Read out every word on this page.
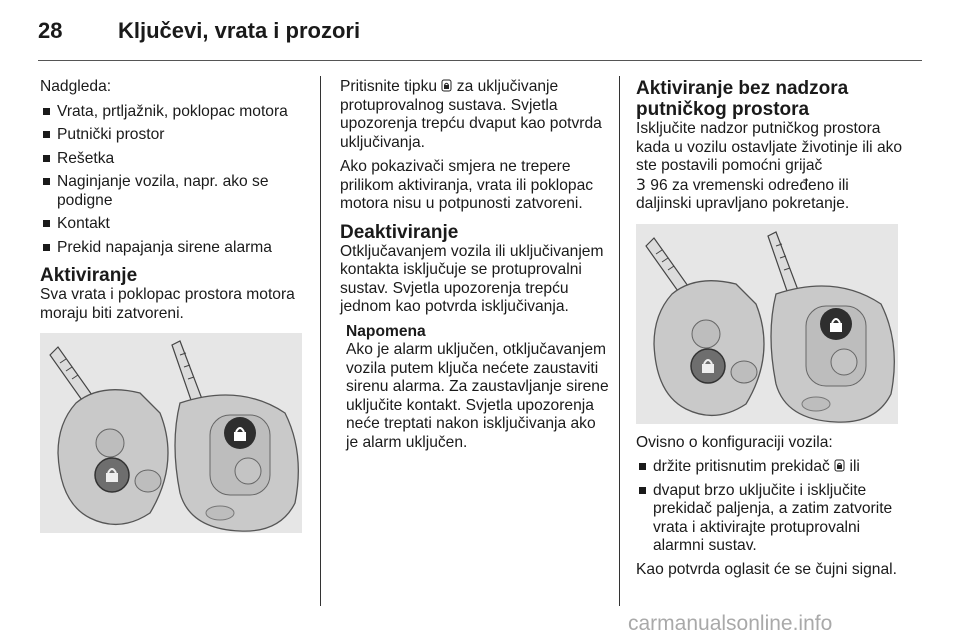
28	Ključevi, vrata i prozori

Nadgleda:

Vrata, prtljažnik, poklopac motora
Putnički prostor
Rešetka
Naginjanje vozila, napr. ako se podigne
Kontakt
Prekid napajanja sirene alarma
Aktiviranje

Sva vrata i poklopac prostora motora moraju biti zatvoreni.

Pritisnite tipku za uključivanje protuprovalnog sustava. Svjetla upozorenja trepću dvaput kao potvrda uključivanja.

Ako pokazivači smjera ne trepere prilikom aktiviranja, vrata ili poklopac motora nisu u potpunosti zatvoreni.

Deaktiviranje

Otključavanjem vozila ili uključivanjem kontakta isključuje se protuprovalni sustav. Svjetla upozorenja trepću jednom kao potvrda isključivanja.

Napomena

Ako je alarm uključen, otključavanjem vozila putem ključa nećete zaustaviti sirenu alarma. Za zaustavljanje sirene uključite kontakt. Svjetla upozorenja neće treptati nakon isključivanja ako je alarm uključen.

Aktiviranje bez nadzora putničkog prostora

Isključite nadzor putničkog prostora kada u vozilu ostavljate životinje ili ako ste postavili pomoćni grijač
3 96 za vremenski određeno ili daljinski upravljano pokretanje.

Ovisno o konfiguraciji vozila:

držite pritisnutim prekidač ili
dvaput brzo uključite i isključite prekidač paljenja, a zatim zatvorite vrata i aktivirajte protuprovalni alarmni sustav.

Kao potvrda oglasit će se čujni signal.

carmanualsonline.info
